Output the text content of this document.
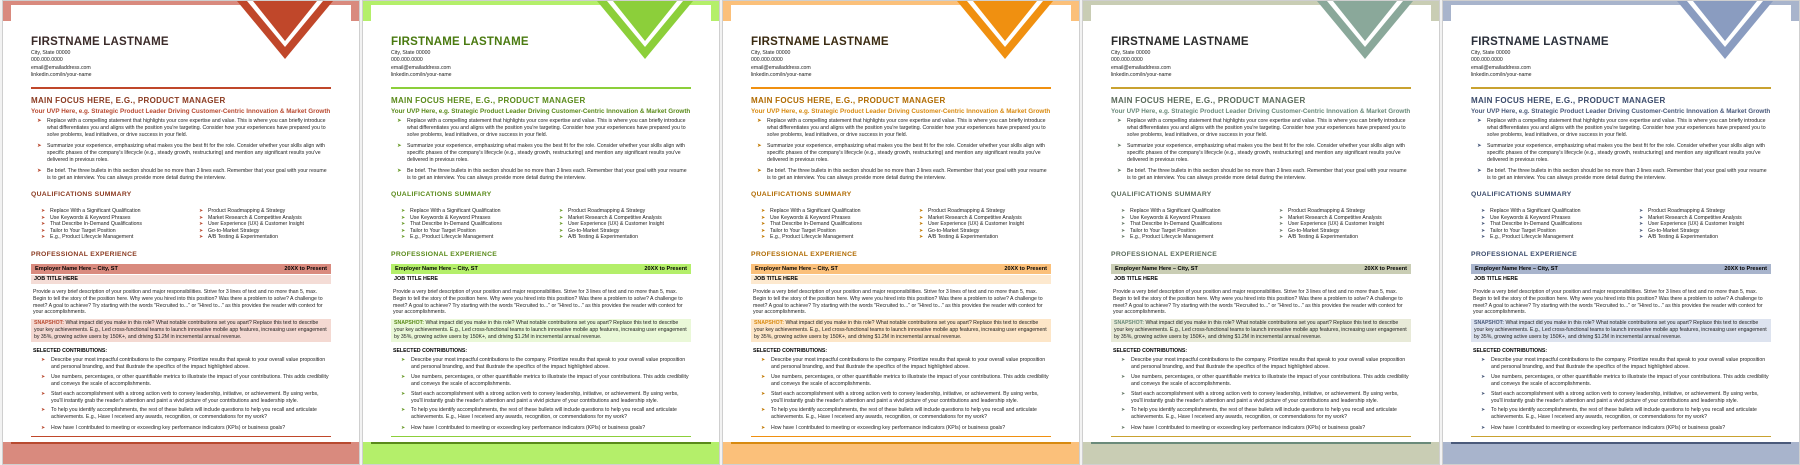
FIRSTNAME LASTNAME
City, State 00000
000.000.0000
email@emailaddress.com
linkedin.com/in/your-name
MAIN FOCUS HERE, E.G., PRODUCT MANAGER
Your UVP Here, e.g. Strategic Product Leader Driving Customer-Centric Innovation & Market Growth
➤ Replace with a compelling statement that highlights your core expertise and value. This is where you can briefly introduce what differentiates you and aligns with the position you're targeting. Consider how your experiences have prepared you to solve problems, lead initiatives, or drive success in your field.
➤ Summarize your experience, emphasizing what makes you the best fit for the role. Consider whether your skills align with specific phases of the company's lifecycle (e.g., steady growth, restructuring) and mention any significant results you've delivered in previous roles.
➤ Be brief. The three bullets in this section should be no more than 3 lines each. Remember that your goal with your resume is to get an interview. You can always provide more detail during the interview.
QUALIFICATIONS SUMMARY
➤ Replace With a Significant Qualification
➤ Use Keywords & Keyword Phrases
➤ That Describe In-Demand Qualifications
➤ Tailor to Your Target Position
➤ E.g., Product Lifecycle Management
➤ Product Roadmapping & Strategy
➤ Market Research & Competitive Analysis
➤ User Experience (UX) & Customer Insight
➤ Go-to-Market Strategy
➤ A/B Testing & Experimentation
PROFESSIONAL EXPERIENCE
Employer Name Here – City, ST	20XX to Present
JOB TITLE HERE
Provide a very brief description of your position and major responsibilities. Strive for 3 lines of text and no more than 5, max. Begin to tell the story of the position here. Why were you hired into this position? Was there a problem to solve? A challenge to meet? A goal to achieve? Try starting with the words "Recruited to..." or "Hired to..." as this provides the reader with context for your accomplishments.
SNAPSHOT: What impact did you make in this role? What notable contributions set you apart? Replace this text to describe your key achievements. E.g., Led cross-functional teams to launch innovative mobile app features, increasing user engagement by 35%, growing active users by 150K+, and driving $1.2M in incremental annual revenue.
SELECTED CONTRIBUTIONS:
➤ Describe your most impactful contributions to the company. Prioritize results that speak to your overall value proposition and personal branding, and that illustrate the specifics of the impact highlighted above.
➤ Use numbers, percentages, or other quantifiable metrics to illustrate the impact of your contributions. This adds credibility and conveys the scale of accomplishments.
➤ Start each accomplishment with a strong action verb to convey leadership, initiative, or achievement. By using verbs, you'll instantly grab the reader's attention and paint a vivid picture of your contributions and leadership style.
➤ To help you identify accomplishments, the rest of these bullets will include questions to help you recall and articulate achievements. E.g., Have I received any awards, recognition, or commendations for my work?
➤ How have I contributed to meeting or exceeding key performance indicators (KPIs) or business goals?
FIRSTNAME LASTNAME
City, State 00000
000.000.0000
email@emailaddress.com
linkedin.com/in/your-name
MAIN FOCUS HERE, E.G., PRODUCT MANAGER
Your UVP Here, e.g. Strategic Product Leader Driving Customer-Centric Innovation & Market Growth
➤ Replace with a compelling statement that highlights your core expertise and value. This is where you can briefly introduce what differentiates you and aligns with the position you're targeting. Consider how your experiences have prepared you to solve problems, lead initiatives, or drive success in your field.
➤ Summarize your experience, emphasizing what makes you the best fit for the role. Consider whether your skills align with specific phases of the company's lifecycle (e.g., steady growth, restructuring) and mention any significant results you've delivered in previous roles.
➤ Be brief. The three bullets in this section should be no more than 3 lines each. Remember that your goal with your resume is to get an interview. You can always provide more detail during the interview.
QUALIFICATIONS SUMMARY
➤ Replace With a Significant Qualification
➤ Use Keywords & Keyword Phrases
➤ That Describe In-Demand Qualifications
➤ Tailor to Your Target Position
➤ E.g., Product Lifecycle Management
➤ Product Roadmapping & Strategy
➤ Market Research & Competitive Analysis
➤ User Experience (UX) & Customer Insight
➤ Go-to-Market Strategy
➤ A/B Testing & Experimentation
PROFESSIONAL EXPERIENCE
Employer Name Here – City, ST	20XX to Present
JOB TITLE HERE
Provide a very brief description of your position and major responsibilities. Strive for 3 lines of text and no more than 5, max. Begin to tell the story of the position here. Why were you hired into this position? Was there a problem to solve? A challenge to meet? A goal to achieve? Try starting with the words "Recruited to..." or "Hired to..." as this provides the reader with context for your accomplishments.
SNAPSHOT: What impact did you make in this role? What notable contributions set you apart? Replace this text to describe your key achievements. E.g., Led cross-functional teams to launch innovative mobile app features, increasing user engagement by 35%, growing active users by 150K+, and driving $1.2M in incremental annual revenue.
SELECTED CONTRIBUTIONS:
➤ Describe your most impactful contributions to the company. Prioritize results that speak to your overall value proposition and personal branding, and that illustrate the specifics of the impact highlighted above.
➤ Use numbers, percentages, or other quantifiable metrics to illustrate the impact of your contributions. This adds credibility and conveys the scale of accomplishments.
➤ Start each accomplishment with a strong action verb to convey leadership, initiative, or achievement. By using verbs, you'll instantly grab the reader's attention and paint a vivid picture of your contributions and leadership style.
➤ To help you identify accomplishments, the rest of these bullets will include questions to help you recall and articulate achievements. E.g., Have I received any awards, recognition, or commendations for my work?
➤ How have I contributed to meeting or exceeding key performance indicators (KPIs) or business goals?
FIRSTNAME LASTNAME
City, State 00000
000.000.0000
email@emailaddress.com
linkedin.com/in/your-name
MAIN FOCUS HERE, E.G., PRODUCT MANAGER
Your UVP Here, e.g. Strategic Product Leader Driving Customer-Centric Innovation & Market Growth
➤ Replace with a compelling statement that highlights your core expertise and value. This is where you can briefly introduce what differentiates you and aligns with the position you're targeting. Consider how your experiences have prepared you to solve problems, lead initiatives, or drive success in your field.
➤ Summarize your experience, emphasizing what makes you the best fit for the role. Consider whether your skills align with specific phases of the company's lifecycle (e.g., steady growth, restructuring) and mention any significant results you've delivered in previous roles.
➤ Be brief. The three bullets in this section should be no more than 3 lines each. Remember that your goal with your resume is to get an interview. You can always provide more detail during the interview.
QUALIFICATIONS SUMMARY
➤ Replace With a Significant Qualification
➤ Use Keywords & Keyword Phrases
➤ That Describe In-Demand Qualifications
➤ Tailor to Your Target Position
➤ E.g., Product Lifecycle Management
➤ Product Roadmapping & Strategy
➤ Market Research & Competitive Analysis
➤ User Experience (UX) & Customer Insight
➤ Go-to-Market Strategy
➤ A/B Testing & Experimentation
PROFESSIONAL EXPERIENCE
Employer Name Here – City, ST	20XX to Present
JOB TITLE HERE
Provide a very brief description of your position and major responsibilities. Strive for 3 lines of text and no more than 5, max. Begin to tell the story of the position here. Why were you hired into this position? Was there a problem to solve? A challenge to meet? A goal to achieve? Try starting with the words "Recruited to..." or "Hired to..." as this provides the reader with context for your accomplishments.
SNAPSHOT: What impact did you make in this role? What notable contributions set you apart? Replace this text to describe your key achievements. E.g., Led cross-functional teams to launch innovative mobile app features, increasing user engagement by 35%, growing active users by 150K+, and driving $1.2M in incremental annual revenue.
SELECTED CONTRIBUTIONS:
➤ Describe your most impactful contributions to the company. Prioritize results that speak to your overall value proposition and personal branding, and that illustrate the specifics of the impact highlighted above.
➤ Use numbers, percentages, or other quantifiable metrics to illustrate the impact of your contributions. This adds credibility and conveys the scale of accomplishments.
➤ Start each accomplishment with a strong action verb to convey leadership, initiative, or achievement. By using verbs, you'll instantly grab the reader's attention and paint a vivid picture of your contributions and leadership style.
➤ To help you identify accomplishments, the rest of these bullets will include questions to help you recall and articulate achievements. E.g., Have I received any awards, recognition, or commendations for my work?
➤ How have I contributed to meeting or exceeding key performance indicators (KPIs) or business goals?
FIRSTNAME LASTNAME
City, State 00000
000.000.0000
email@emailaddress.com
linkedin.com/in/your-name
MAIN FOCUS HERE, E.G., PRODUCT MANAGER
Your UVP Here, e.g. Strategic Product Leader Driving Customer-Centric Innovation & Market Growth
➤ Replace with a compelling statement that highlights your core expertise and value. This is where you can briefly introduce what differentiates you and aligns with the position you're targeting. Consider how your experiences have prepared you to solve problems, lead initiatives, or drive success in your field.
➤ Summarize your experience, emphasizing what makes you the best fit for the role. Consider whether your skills align with specific phases of the company's lifecycle (e.g., steady growth, restructuring) and mention any significant results you've delivered in previous roles.
➤ Be brief. The three bullets in this section should be no more than 3 lines each. Remember that your goal with your resume is to get an interview. You can always provide more detail during the interview.
QUALIFICATIONS SUMMARY
➤ Replace With a Significant Qualification
➤ Use Keywords & Keyword Phrases
➤ That Describe In-Demand Qualifications
➤ Tailor to Your Target Position
➤ E.g., Product Lifecycle Management
➤ Product Roadmapping & Strategy
➤ Market Research & Competitive Analysis
➤ User Experience (UX) & Customer Insight
➤ Go-to-Market Strategy
➤ A/B Testing & Experimentation
PROFESSIONAL EXPERIENCE
Employer Name Here – City, ST	20XX to Present
JOB TITLE HERE
Provide a very brief description of your position and major responsibilities. Strive for 3 lines of text and no more than 5, max. Begin to tell the story of the position here. Why were you hired into this position? Was there a problem to solve? A challenge to meet? A goal to achieve? Try starting with the words "Recruited to..." or "Hired to..." as this provides the reader with context for your accomplishments.
SNAPSHOT: What impact did you make in this role? What notable contributions set you apart? Replace this text to describe your key achievements. E.g., Led cross-functional teams to launch innovative mobile app features, increasing user engagement by 35%, growing active users by 150K+, and driving $1.2M in incremental annual revenue.
SELECTED CONTRIBUTIONS:
➤ Describe your most impactful contributions to the company. Prioritize results that speak to your overall value proposition and personal branding, and that illustrate the specifics of the impact highlighted above.
➤ Use numbers, percentages, or other quantifiable metrics to illustrate the impact of your contributions. This adds credibility and conveys the scale of accomplishments.
➤ Start each accomplishment with a strong action verb to convey leadership, initiative, or achievement. By using verbs, you'll instantly grab the reader's attention and paint a vivid picture of your contributions and leadership style.
➤ To help you identify accomplishments, the rest of these bullets will include questions to help you recall and articulate achievements. E.g., Have I received any awards, recognition, or commendations for my work?
➤ How have I contributed to meeting or exceeding key performance indicators (KPIs) or business goals?
FIRSTNAME LASTNAME
City, State 00000
000.000.0000
email@emailaddress.com
linkedin.com/in/your-name
MAIN FOCUS HERE, E.G., PRODUCT MANAGER
Your UVP Here, e.g. Strategic Product Leader Driving Customer-Centric Innovation & Market Growth
➤ Replace with a compelling statement that highlights your core expertise and value. This is where you can briefly introduce what differentiates you and aligns with the position you're targeting. Consider how your experiences have prepared you to solve problems, lead initiatives, or drive success in your field.
➤ Summarize your experience, emphasizing what makes you the best fit for the role. Consider whether your skills align with specific phases of the company's lifecycle (e.g., steady growth, restructuring) and mention any significant results you've delivered in previous roles.
➤ Be brief. The three bullets in this section should be no more than 3 lines each. Remember that your goal with your resume is to get an interview. You can always provide more detail during the interview.
QUALIFICATIONS SUMMARY
➤ Replace With a Significant Qualification
➤ Use Keywords & Keyword Phrases
➤ That Describe In-Demand Qualifications
➤ Tailor to Your Target Position
➤ E.g., Product Lifecycle Management
➤ Product Roadmapping & Strategy
➤ Market Research & Competitive Analysis
➤ User Experience (UX) & Customer Insight
➤ Go-to-Market Strategy
➤ A/B Testing & Experimentation
PROFESSIONAL EXPERIENCE
Employer Name Here – City, ST	20XX to Present
JOB TITLE HERE
Provide a very brief description of your position and major responsibilities. Strive for 3 lines of text and no more than 5, max. Begin to tell the story of the position here. Why were you hired into this position? Was there a problem to solve? A challenge to meet? A goal to achieve? Try starting with the words "Recruited to..." or "Hired to..." as this provides the reader with context for your accomplishments.
SNAPSHOT: What impact did you make in this role? What notable contributions set you apart? Replace this text to describe your key achievements. E.g., Led cross-functional teams to launch innovative mobile app features, increasing user engagement by 35%, growing active users by 150K+, and driving $1.2M in incremental annual revenue.
SELECTED CONTRIBUTIONS:
➤ Describe your most impactful contributions to the company. Prioritize results that speak to your overall value proposition and personal branding, and that illustrate the specifics of the impact highlighted above.
➤ Use numbers, percentages, or other quantifiable metrics to illustrate the impact of your contributions. This adds credibility and conveys the scale of accomplishments.
➤ Start each accomplishment with a strong action verb to convey leadership, initiative, or achievement. By using verbs, you'll instantly grab the reader's attention and paint a vivid picture of your contributions and leadership style.
➤ To help you identify accomplishments, the rest of these bullets will include questions to help you recall and articulate achievements. E.g., Have I received any awards, recognition, or commendations for my work?
➤ How have I contributed to meeting or exceeding key performance indicators (KPIs) or business goals?
